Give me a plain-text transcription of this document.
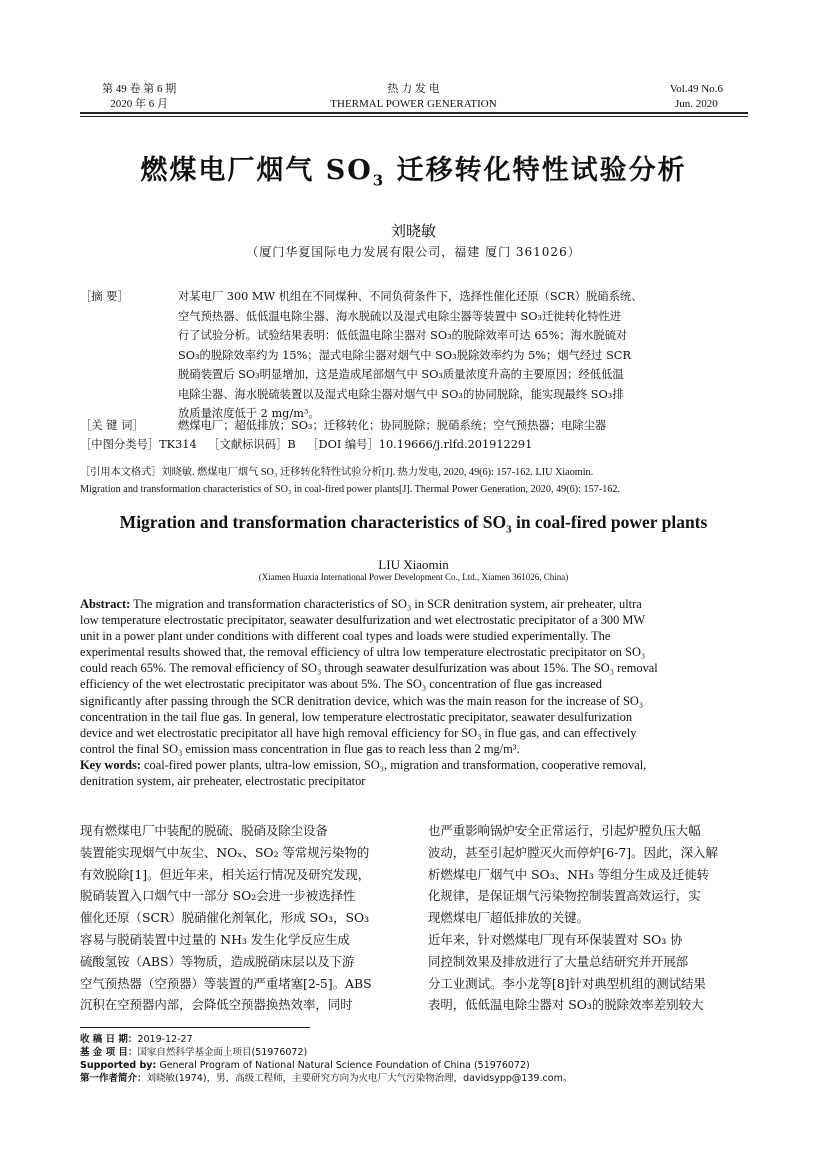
第 49 卷 第 6 期
2020 年 6 月
热 力 发 电
THERMAL POWER GENERATION
Vol.49 No.6
Jun. 2020
燃煤电厂烟气 $SO_3$ 迁移转化特性试验分析
刘晓敏
（厦门华夏国际电力发展有限公司，福建 厦门 361026）
［摘 要］	对某电厂 300 MW 机组在不同煤种、不同负荷条件下，选择性催化还原（SCR）脱硝系统、
空气预热器、低低温电除尘器、海水脱硫以及湿式电除尘器等装置中 SO₃迁徙转化特性进
行了试验分析。试验结果表明：低低温电除尘器对 SO₃的脱除效率可达 65%；海水脱硫对
SO₃的脱除效率约为 15%；湿式电除尘器对烟气中 SO₃脱除效率约为 5%；烟气经过 SCR
脱硝装置后 SO₃明显增加，这是造成尾部烟气中 SO₃质量浓度升高的主要原因；经低低温
电除尘器、海水脱硫装置以及湿式电除尘器对烟气中 SO₃的协同脱除，能实现最终 SO₃排
放质量浓度低于 2 mg/m³。
［关 键 词］	燃煤电厂；超低排放；SO₃；迁移转化；协同脱除；脱硝系统；空气预热器；电除尘器
［中图分类号］TK314 ［文献标识码］B ［DOI 编号］10.19666/j.rlfd.201912291
［引用本文格式］刘晓敏. 燃煤电厂烟气 SO₃ 迁移转化特性试验分析[J]. 热力发电, 2020, 49(6): 157-162. LIU Xiaomin.
Migration and transformation characteristics of SO₃ in coal-fired power plants[J]. Thermal Power Generation, 2020, 49(6): 157-162.
Migration and transformation characteristics of $SO_3$ in coal-fired power plants
LIU Xiaomin
(Xiamen Huaxia International Power Development Co., Ltd., Xiamen 361026, China)
Abstract: The migration and transformation characteristics of SO₃ in SCR denitration system, air preheater, ultra
low temperature electrostatic precipitator, seawater desulfurization and wet electrostatic precipitator of a 300 MW
unit in a power plant under conditions with different coal types and loads were studied experimentally. The
experimental results showed that, the removal efficiency of ultra low temperature electrostatic precipitator on SO₃
could reach 65%. The removal efficiency of SO₃ through seawater desulfurization was about 15%. The SO₃ removal
efficiency of the wet electrostatic precipitator was about 5%. The SO₃ concentration of flue gas increased
significantly after passing through the SCR denitration device, which was the main reason for the increase of SO₃
concentration in the tail flue gas. In general, low temperature electrostatic precipitator, seawater desulfurization
device and wet electrostatic precipitator all have high removal efficiency for SO₃ in flue gas, and can effectively
control the final SO₃ emission mass concentration in flue gas to reach less than 2 mg/m³.
Key words: coal-fired power plants, ultra-low emission, SO₃, migration and transformation, cooperative removal,
denitration system, air preheater, electrostatic precipitator
现有燃煤电厂中装配的脱硫、脱硝及除尘设备
装置能实现烟气中灰尘、NOₓ、SO₂ 等常规污染物的
有效脱除[1]。但近年来，相关运行情况及研究发现，
脱硝装置入口烟气中一部分 SO₂会进一步被选择性
催化还原（SCR）脱硝催化剂氧化，形成 SO₃，SO₃
容易与脱硝装置中过量的 NH₃ 发生化学反应生成
硫酸氢铵（ABS）等物质，造成脱硝床层以及下游
空气预热器（空预器）等装置的严重堵塞[2-5]。ABS
沉积在空预器内部，会降低空预器换热效率，同时
也严重影响锅炉安全正常运行，引起炉膛负压大幅
波动，甚至引起炉膛灭火而停炉[6-7]。因此，深入解
析燃煤电厂烟气中 SO₃、NH₃ 等组分生成及迁徙转
化规律，是保证烟气污染物控制装置高效运行，实
现燃煤电厂超低排放的关键。
近年来，针对燃煤电厂现有环保装置对 SO₃ 协
同控制效果及排放进行了大量总结研究并开展部
分工业测试。李小龙等[8]针对典型机组的测试结果
表明，低低温电除尘器对 SO₃的脱除效率差别较大
收 稿 日 期：2019-12-27
基 金 项 目：国家自然科学基金面上项目(51976072)
Supported by: General Program of National Natural Science Foundation of China (51976072)
第一作者简介：刘晓敏(1974)，男，高级工程师，主要研究方向为火电厂大气污染物治理，davidsypp@139.com。
